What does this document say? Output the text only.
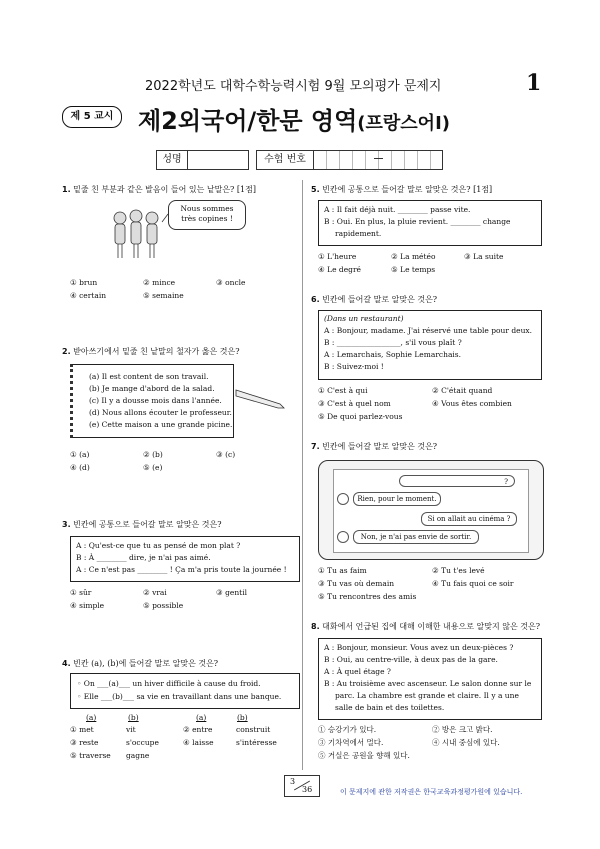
2022학년도 대학수학능력시험 9월 모의평가 문제지	1
제 5 교시	제2외국어/한문 영역(프랑스어Ⅰ)
성명	수험 번호
1. 밑줄 친 부분과 같은 발음이 들어 있는 낱말은? [1점]
Nous sommes
très copines !
① brun	② mince	③ oncle
④ certain	⑤ semaine
2. 받아쓰기에서 밑줄 친 낱말의 철자가 옳은 것은?
(a) Il est content de son travail.
(b) Je mange d'abord de la salad.
(c) Il y a dousse mois dans l'année.
(d) Nous allons écouter le professeur.
(e) Cette maison a une grande picine.
① (a)	② (b)	③ (c)
④ (d)	⑤ (e)
3. 빈칸에 공통으로 들어갈 말로 알맞은 것은?
A : Qu'est-ce que tu as pensé de mon plat ?
B : À ________ dire, je n'ai pas aimé.
A : Ce n'est pas ________ ! Ça m'a pris toute la journée !
① sûr	② vrai	③ gentil
④ simple	⑤ possible
4. 빈칸 (a), (b)에 들어갈 말로 알맞은 것은?
◦ On ___(a)___ un hiver difficile à cause du froid.
◦ Elle ___(b)___ sa vie en travaillant dans une banque.
(a)	(b)	(a)	(b)
① met	vit	② entre	construit
③ reste	s'occupe	④ laisse	s'intéresse
⑤ traverse gagne
5. 빈칸에 공통으로 들어갈 말로 알맞은 것은? [1점]
A : Il fait déjà nuit. ________ passe vite.
B : Oui. En plus, la pluie revient. ________ change
rapidement.
① L'heure	② La météo	③ La suite
④ Le degré	⑤ Le temps
6. 빈칸에 들어갈 말로 알맞은 것은?
(Dans un restaurant)
A : Bonjour, madame. J'ai réservé une table pour deux.
B : _________________, s'il vous plaît ?
A : Lemarchais, Sophie Lemarchais.
B : Suivez-moi !
① C'est à qui	② C'était quand
③ C'est à quel nom	④ Vous êtes combien
⑤ De quoi parlez-vous
7. 빈칸에 들어갈 말로 알맞은 것은?
?
Rien, pour le moment.
Si on allait au cinéma ?
Non, je n'ai pas envie de sortir.
① Tu as faim	② Tu t'es levé
③ Tu vas où demain	④ Tu fais quoi ce soir
⑤ Tu rencontres des amis
8. 대화에서 언급된 집에 대해 이해한 내용으로 알맞지 않은 것은?
A : Bonjour, monsieur. Vous avez un deux-pièces ?
B : Oui, au centre-ville, à deux pas de la gare.
A : À quel étage ?
B : Au troisième avec ascenseur. Le salon donne sur le
parc. La chambre est grande et claire. Il y a une
salle de bain et des toilettes.
① 승강기가 있다.	② 방은 크고 밝다.
③ 기차역에서 멀다.	④ 시내 중심에 있다.
⑤ 거실은 공원을 향해 있다.
3
36	이 문제지에 관한 저작권은 한국교육과정평가원에 있습니다.
